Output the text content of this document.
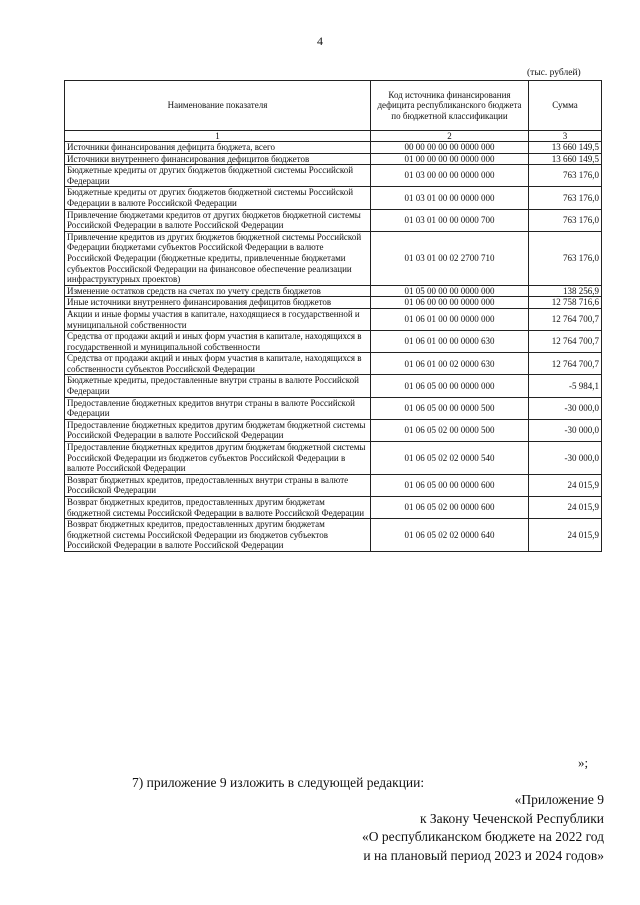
4
(тыс. рублей)
Наименование показателя	Код источника финансирования дефицита республиканского бюджета по бюджетной классификации	Сумма
1	2	3
Источники финансирования дефицита бюджета, всего	00 00 00 00 00 0000 000	13 660 149,5
Источники внутреннего финансирования дефицитов бюджетов	01 00 00 00 00 0000 000	13 660 149,5
Бюджетные кредиты от других бюджетов бюджетной системы Российской Федерации	01 03 00 00 00 0000 000	763 176,0
Бюджетные кредиты от других бюджетов бюджетной системы Российской Федерации в валюте Российской Федерации	01 03 01 00 00 0000 000	763 176,0
Привлечение бюджетами кредитов от других бюджетов бюджетной системы Российской Федерации в валюте Российской Федерации	01 03 01 00 00 0000 700	763 176,0
Привлечение кредитов из других бюджетов бюджетной системы Российской Федерации бюджетами субъектов Российской Федерации в валюте Российской Федерации (бюджетные кредиты, привлеченные бюджетами субъектов Российской Федерации на финансовое обеспечение реализации инфраструктурных проектов)	01 03 01 00 02 2700 710	763 176,0
Изменение остатков средств на счетах по учету средств бюджетов	01 05 00 00 00 0000 000	138 256,9
Иные источники внутреннего финансирования дефицитов бюджетов	01 06 00 00 00 0000 000	12 758 716,6
Акции и иные формы участия в капитале, находящиеся в государственной и муниципальной собственности	01 06 01 00 00 0000 000	12 764 700,7
Средства от продажи акций и иных форм участия в капитале, находящихся в государственной и муниципальной собственности	01 06 01 00 00 0000 630	12 764 700,7
Средства от продажи акций и иных форм участия в капитале, находящихся в собственности субъектов Российской Федерации	01 06 01 00 02 0000 630	12 764 700,7
Бюджетные кредиты, предоставленные внутри страны в валюте Российской Федерации	01 06 05 00 00 0000 000	-5 984,1
Предоставление бюджетных кредитов внутри страны в валюте Российской Федерации	01 06 05 00 00 0000 500	-30 000,0
Предоставление бюджетных кредитов другим бюджетам бюджетной системы Российской Федерации в валюте Российской Федерации	01 06 05 02 00 0000 500	-30 000,0
Предоставление бюджетных кредитов другим бюджетам бюджетной системы Российской Федерации из бюджетов субъектов Российской Федерации в валюте Российской Федерации	01 06 05 02 02 0000 540	-30 000,0
Возврат бюджетных кредитов, предоставленных внутри страны в валюте Российской Федерации	01 06 05 00 00 0000 600	24 015,9
Возврат бюджетных кредитов, предоставленных другим бюджетам бюджетной системы Российской Федерации в валюте Российской Федерации	01 06 05 02 00 0000 600	24 015,9
Возврат бюджетных кредитов, предоставленных другим бюджетам бюджетной системы Российской Федерации из бюджетов субъектов Российской Федерации в валюте Российской Федерации	01 06 05 02 02 0000 640	24 015,9
»;
7) приложение 9 изложить в следующей редакции:
«Приложение 9
к Закону Чеченской Республики
«О республиканском бюджете на 2022 год
и на плановый период 2023 и 2024 годов»
